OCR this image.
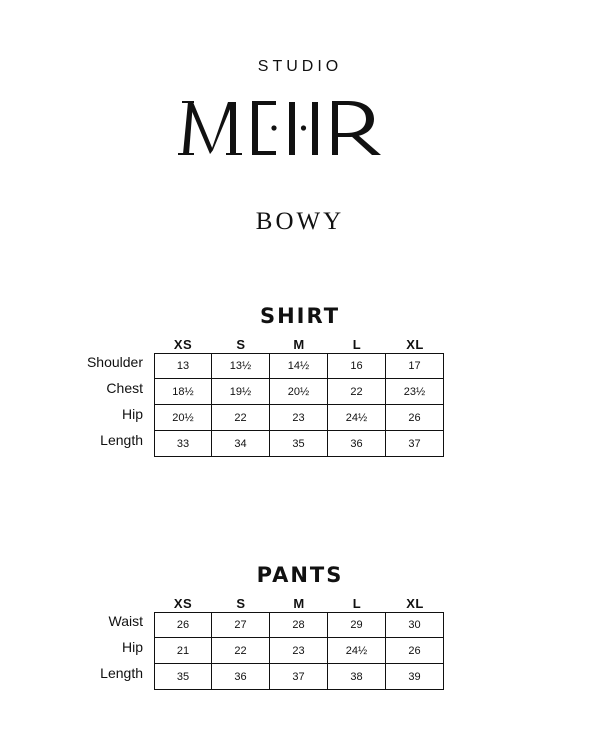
STUDIO
BOWY
SHIRT
XS	S	M	L	XL
Shoulder	13	13½	14½	16	17
Chest	18½	19½	20½	22	23½
Hip	20½	22	23	24½	26
Length	33	34	35	36	37
PANTS
XS	S	M	L	XL
Waist	26	27	28	29	30
Hip	21	22	23	24½	26
Length	35	36	37	38	39
